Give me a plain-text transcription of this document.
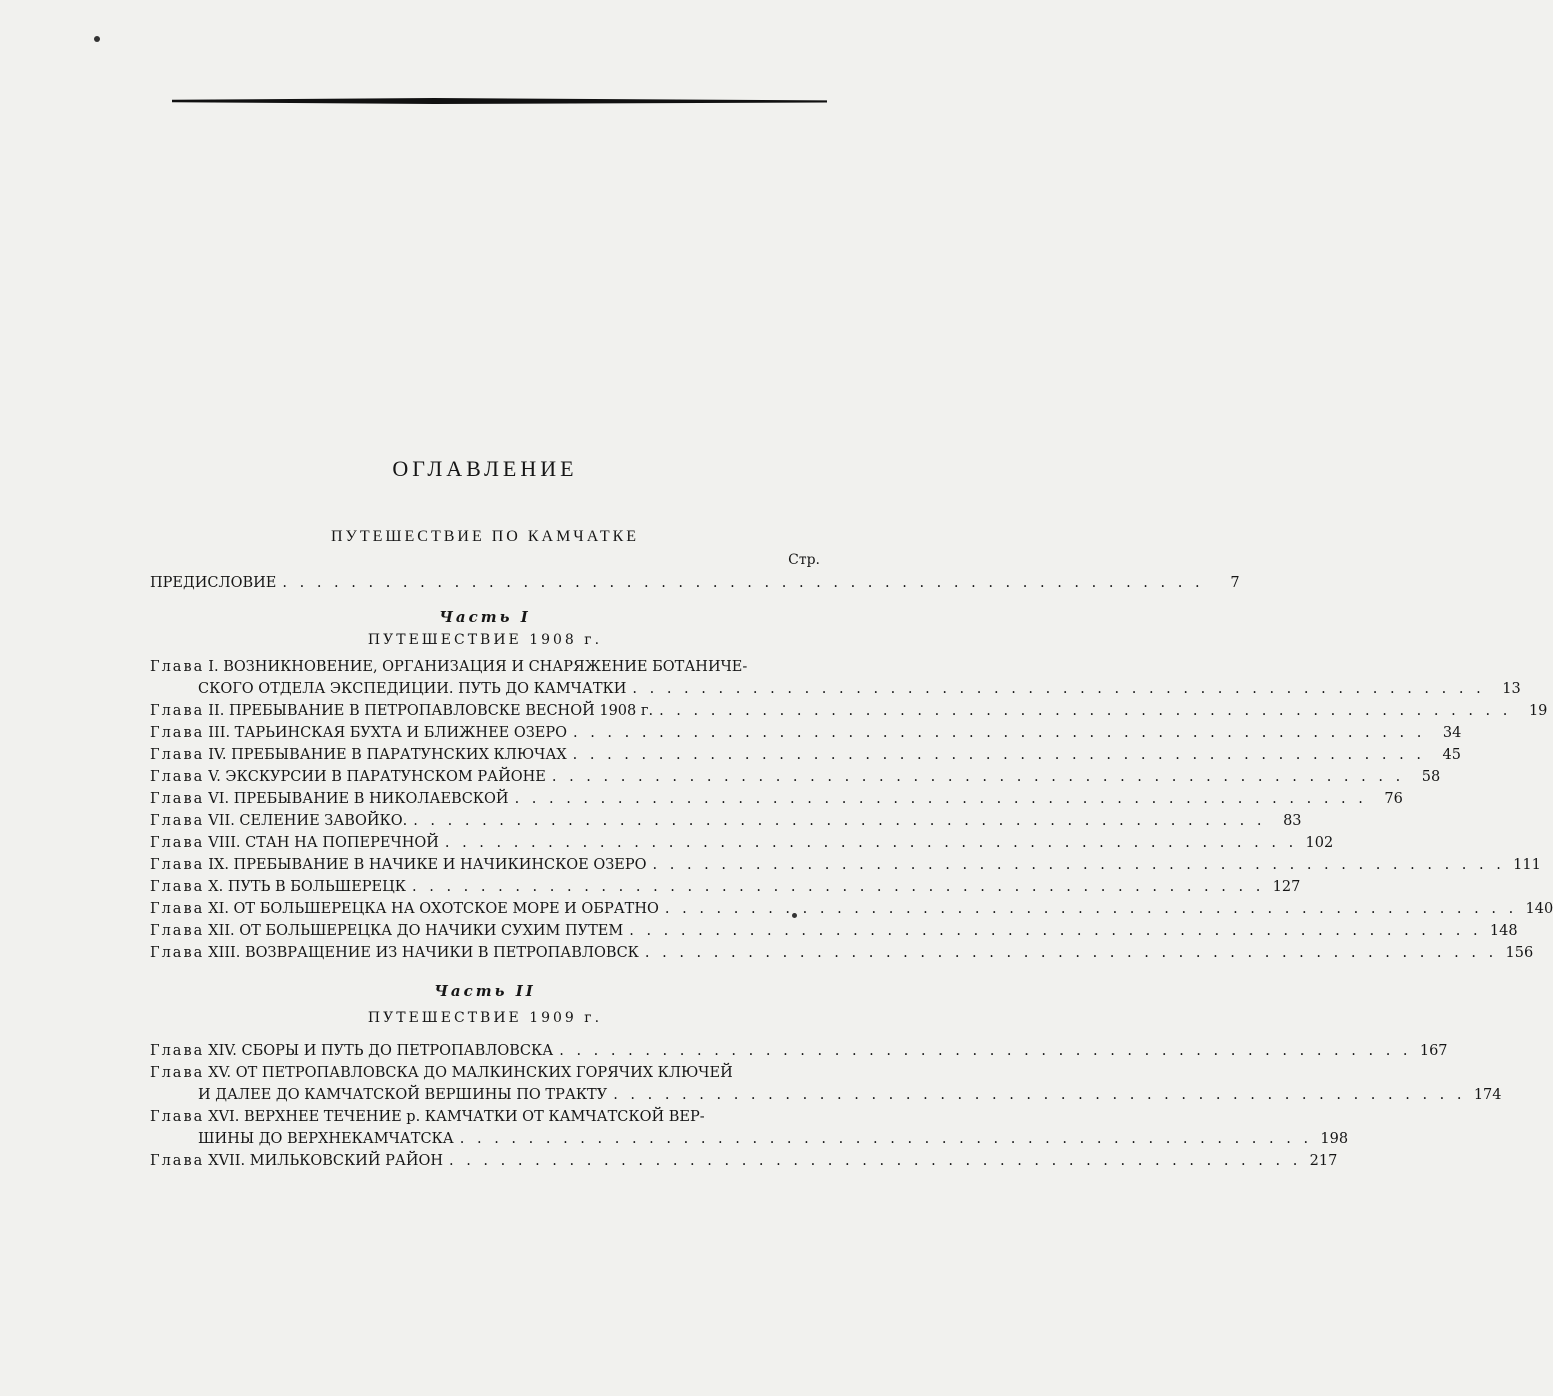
ОГЛАВЛЕНИЕ
ПУТЕШЕСТВИЕ ПО КАМЧАТКЕ
Стр.
ПРЕДИСЛОВИЕ . . . . . . . . . . . . . . . . . . . . . . . . . . . . . . . . . . . . . . . . . . . . . . . . . . . . . .	7
Часть I
ПУТЕШЕСТВИЕ 1908 г.
Глава I. ВОЗНИКНОВЕНИЕ, ОРГАНИЗАЦИЯ И СНАРЯЖЕНИЕ БОТАНИЧЕ-
СКОГО ОТДЕЛА ЭКСПЕДИЦИИ. ПУТЬ ДО КАМЧАТКИ . . . . . . . . . . . . . . . . . . . . . . . . . . . . . . . . . . . . . . . . . . . . . . . . . .	13
Глава II. ПРЕБЫВАНИЕ В ПЕТРОПАВЛОВСКЕ ВЕСНОЙ 1908 г. . . . . . . . . . . . . . . . . . . . . . . . . . . . . . . . . . . . . . . . . . . . . . . . . . .	19
Глава III. ТАРЬИНСКАЯ БУХТА И БЛИЖНЕЕ ОЗЕРО . . . . . . . . . . . . . . . . . . . . . . . . . . . . . . . . . . . . . . . . . . . . . . . . . .	34
Глава IV. ПРЕБЫВАНИЕ В ПАРАТУНСКИХ КЛЮЧАХ . . . . . . . . . . . . . . . . . . . . . . . . . . . . . . . . . . . . . . . . . . . . . . . . . .	45
Глава V. ЭКСКУРСИИ В ПАРАТУНСКОМ РАЙОНЕ . . . . . . . . . . . . . . . . . . . . . . . . . . . . . . . . . . . . . . . . . . . . . . . . . .	58
Глава VI. ПРЕБЫВАНИЕ В НИКОЛАЕВСКОЙ . . . . . . . . . . . . . . . . . . . . . . . . . . . . . . . . . . . . . . . . . . . . . . . . . .	76
Глава VII. СЕЛЕНИЕ ЗАВОЙКО. . . . . . . . . . . . . . . . . . . . . . . . . . . . . . . . . . . . . . . . . . . . . . . . . . .	83
Глава VIII. СТАН НА ПОПЕРЕЧНОЙ . . . . . . . . . . . . . . . . . . . . . . . . . . . . . . . . . . . . . . . . . . . . . . . . . . 102
Глава IX. ПРЕБЫВАНИЕ В НАЧИКЕ И НАЧИКИНСКОЕ ОЗЕРО . . . . . . . . . . . . . . . . . . . . . . . . . . . . . . . . . . . . . . . . . . . . . . . . . . 111
Глава X. ПУТЬ В БОЛЬШЕРЕЦК . . . . . . . . . . . . . . . . . . . . . . . . . . . . . . . . . . . . . . . . . . . . . . . . . . 127
Глава XI. ОТ БОЛЬШЕРЕЦКА НА ОХОТСКОЕ МОРЕ И ОБРАТНО . . . . . . . . . . . . . . . . . . . . . . . . . . . . . . . . . . . . . . . . . . . . . . . . . . 140
Глава XII. ОТ БОЛЬШЕРЕЦКА ДО НАЧИКИ СУХИМ ПУТЕМ . . . . . . . . . . . . . . . . . . . . . . . . . . . . . . . . . . . . . . . . . . . . . . . . . . 148
Глава XIII. ВОЗВРАЩЕНИЕ ИЗ НАЧИКИ В ПЕТРОПАВЛОВСК . . . . . . . . . . . . . . . . . . . . . . . . . . . . . . . . . . . . . . . . . . . . . . . . . . 156
Часть II
ПУТЕШЕСТВИЕ 1909 г.
Глава XIV. СБОРЫ И ПУТЬ ДО ПЕТРОПАВЛОВСКА . . . . . . . . . . . . . . . . . . . . . . . . . . . . . . . . . . . . . . . . . . . . . . . . . . 167
Глава XV. ОТ ПЕТРОПАВЛОВСКА ДО МАЛКИНСКИХ ГОРЯЧИХ КЛЮЧЕЙ
И ДАЛЕЕ ДО КАМЧАТСКОЙ ВЕРШИНЫ ПО ТРАКТУ . . . . . . . . . . . . . . . . . . . . . . . . . . . . . . . . . . . . . . . . . . . . . . . . . . 174
Глава XVI. ВЕРХНЕЕ ТЕЧЕНИЕ р. КАМЧАТКИ ОТ КАМЧАТСКОЙ ВЕР-
ШИНЫ ДО ВЕРХНЕКАМЧАТСКА . . . . . . . . . . . . . . . . . . . . . . . . . . . . . . . . . . . . . . . . . . . . . . . . . . 198
Глава XVII. МИЛЬКОВСКИЙ РАЙОН . . . . . . . . . . . . . . . . . . . . . . . . . . . . . . . . . . . . . . . . . . . . . . . . . . 217
